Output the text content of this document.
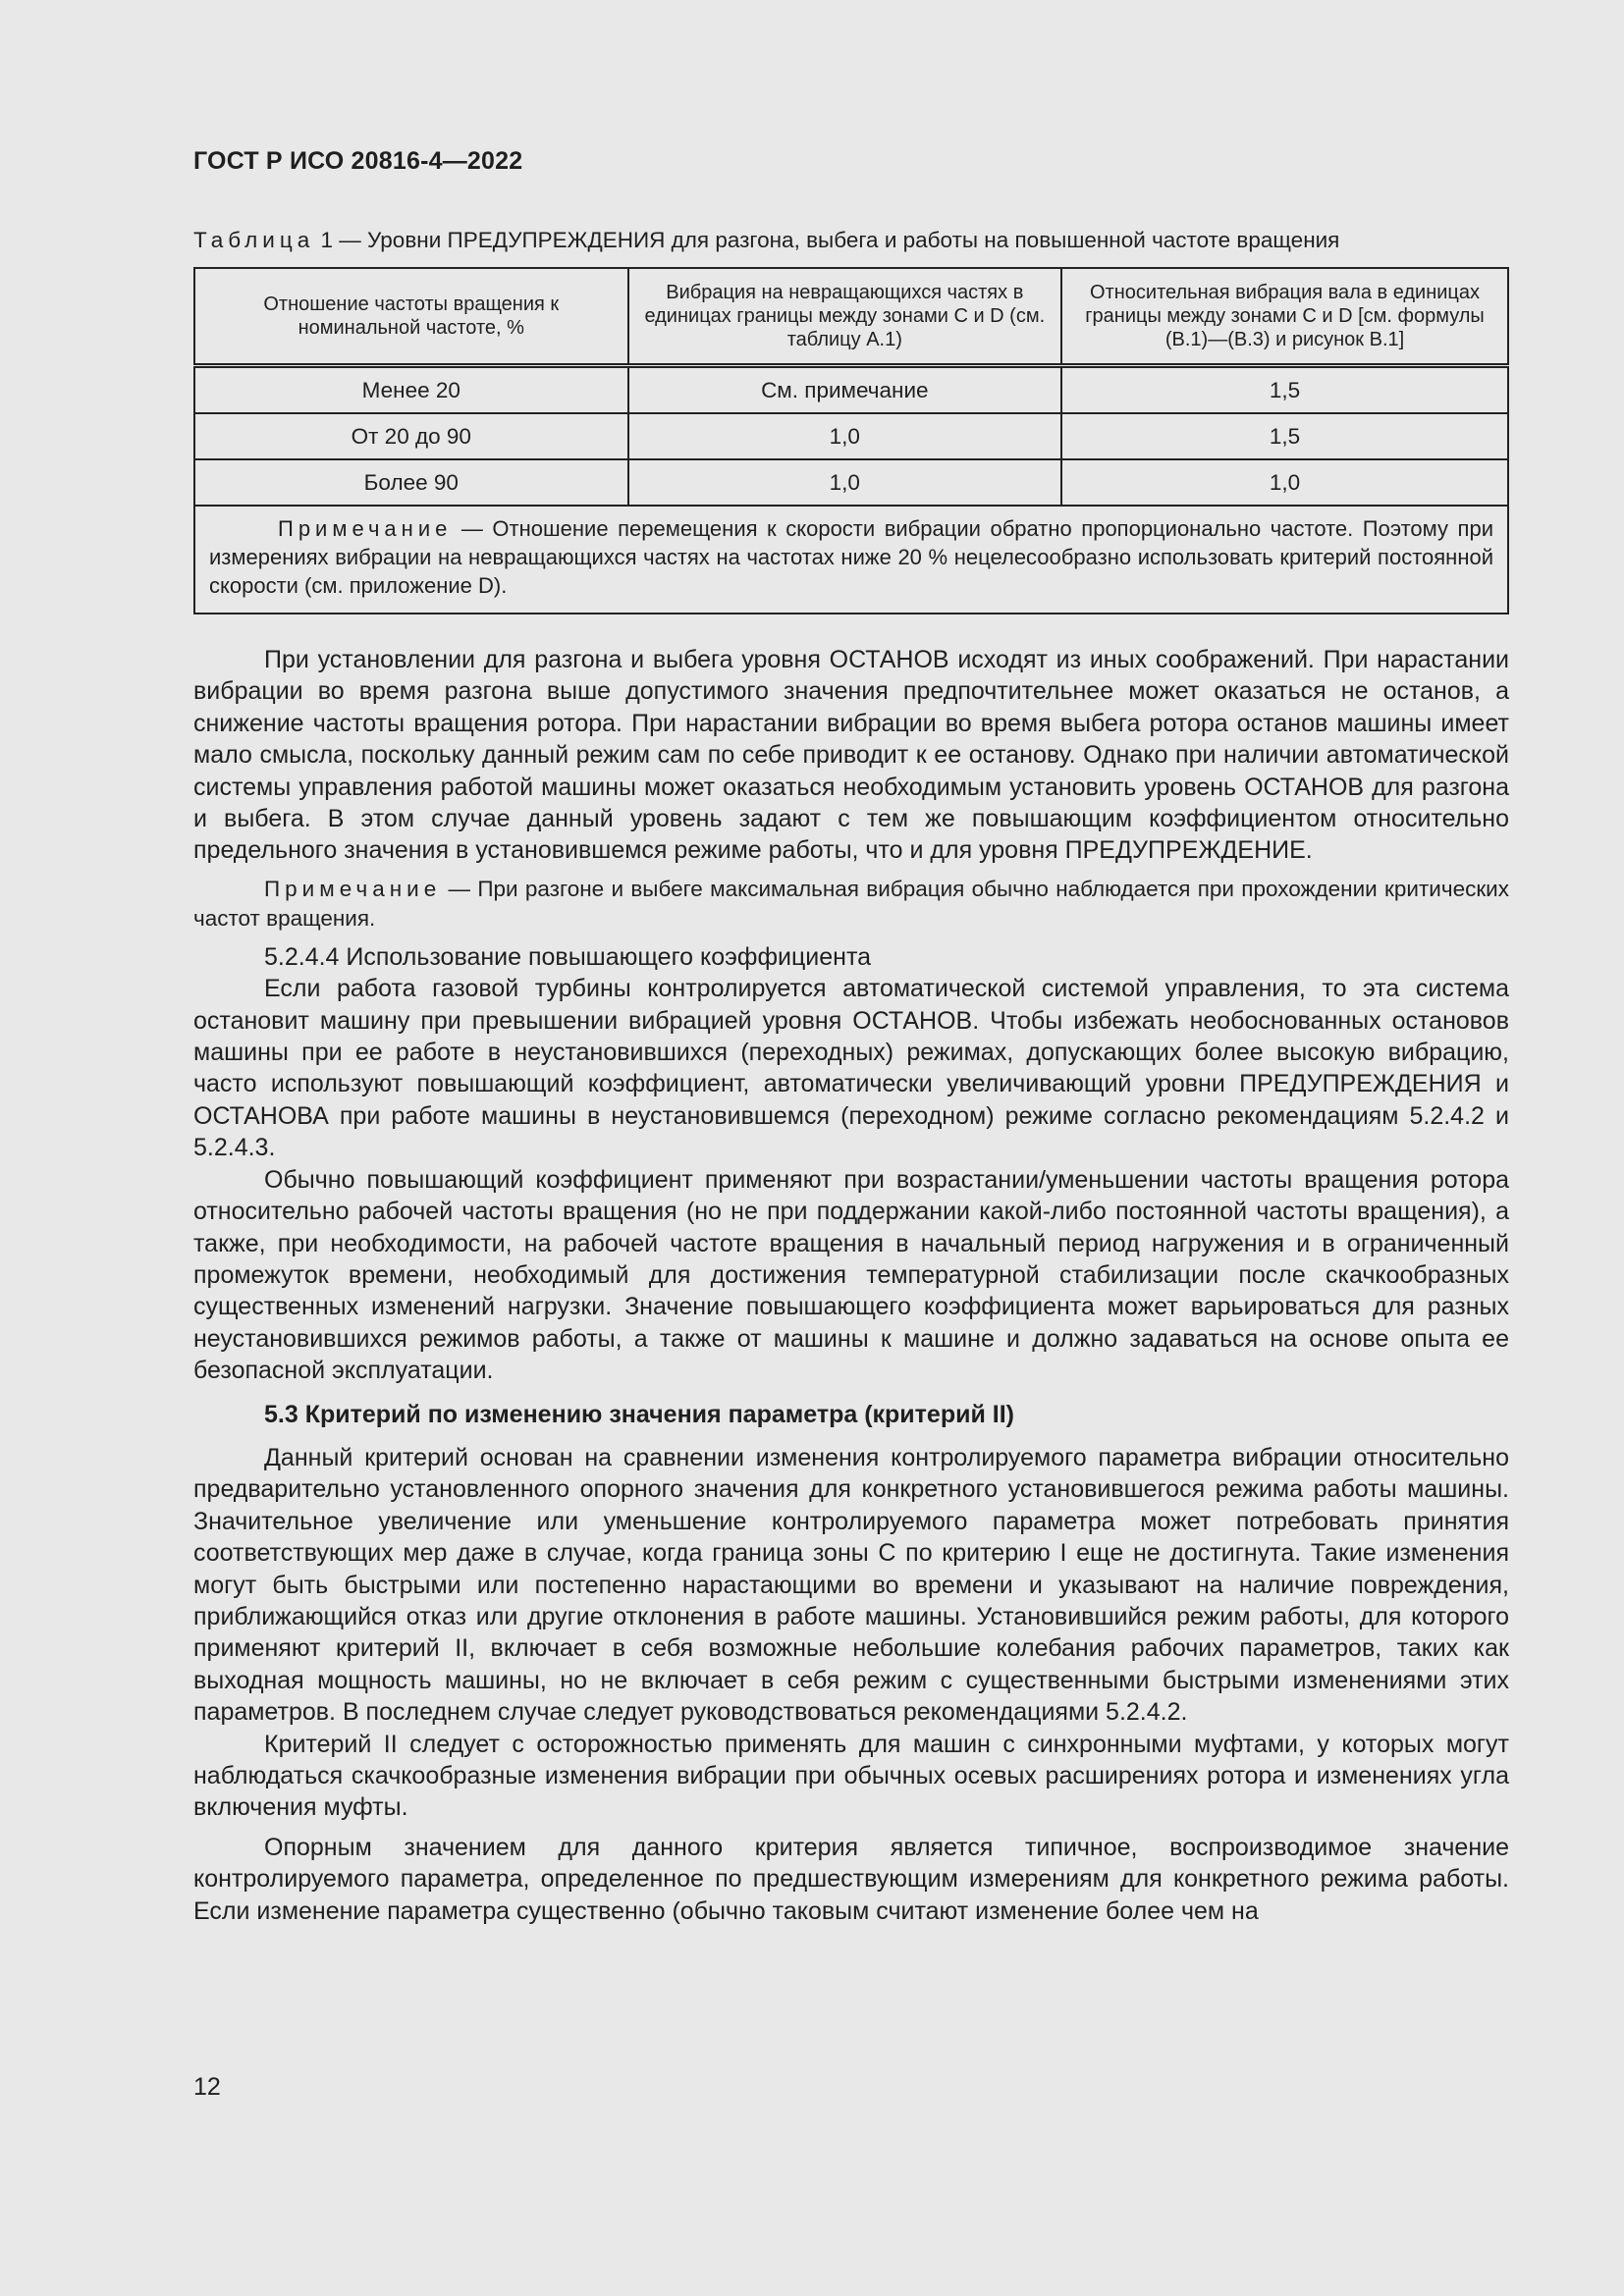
ГОСТ Р ИСО 20816-4—2022
Таблица 1 — Уровни ПРЕДУПРЕЖДЕНИЯ для разгона, выбега и работы на повышенной частоте вращения
Отношение частоты вращения к номинальной частоте, %	Вибрация на невращающихся частях в единицах границы между зонами C и D (см. таблицу А.1)	Относительная вибрация вала в единицах границы между зонами C и D [см. формулы (B.1)—(B.3) и рисунок B.1]
Менее 20	См. примечание	1,5
От 20 до 90	1,0	1,5
Более 90	1,0	1,0
Примечание — Отношение перемещения к скорости вибрации обратно пропорционально частоте. Поэтому при измерениях вибрации на невращающихся частях на частотах ниже 20 % нецелесообразно использовать критерий постоянной скорости (см. приложение D).		

При установлении для разгона и выбега уровня ОСТАНОВ исходят из иных соображений. При нарастании вибрации во время разгона выше допустимого значения предпочтительнее может оказаться не останов, а снижение частоты вращения ротора. При нарастании вибрации во время выбега ротора останов машины имеет мало смысла, поскольку данный режим сам по себе приводит к ее останову. Однако при наличии автоматической системы управления работой машины может оказаться необходимым установить уровень ОСТАНОВ для разгона и выбега. В этом случае данный уровень задают с тем же повышающим коэффициентом относительно предельного значения в установившемся режиме работы, что и для уровня ПРЕДУПРЕЖДЕНИЕ.

Примечание — При разгоне и выбеге максимальная вибрация обычно наблюдается при прохождении критических частот вращения.

5.2.4.4 Использование повышающего коэффициента

Если работа газовой турбины контролируется автоматической системой управления, то эта система остановит машину при превышении вибрацией уровня ОСТАНОВ. Чтобы избежать необоснованных остановов машины при ее работе в неустановившихся (переходных) режимах, допускающих более высокую вибрацию, часто используют повышающий коэффициент, автоматически увеличивающий уровни ПРЕДУПРЕЖДЕНИЯ и ОСТАНОВА при работе машины в неустановившемся (переходном) режиме согласно рекомендациям 5.2.4.2 и 5.2.4.3.

Обычно повышающий коэффициент применяют при возрастании/уменьшении частоты вращения ротора относительно рабочей частоты вращения (но не при поддержании какой-либо постоянной частоты вращения), а также, при необходимости, на рабочей частоте вращения в начальный период нагружения и в ограниченный промежуток времени, необходимый для достижения температурной стабилизации после скачкообразных существенных изменений нагрузки. Значение повышающего коэффициента может варьироваться для разных неустановившихся режимов работы, а также от машины к машине и должно задаваться на основе опыта ее безопасной эксплуатации.

5.3 Критерий по изменению значения параметра (критерий II)

Данный критерий основан на сравнении изменения контролируемого параметра вибрации относительно предварительно установленного опорного значения для конкретного установившегося режима работы машины. Значительное увеличение или уменьшение контролируемого параметра может потребовать принятия соответствующих мер даже в случае, когда граница зоны С по критерию I еще не достигнута. Такие изменения могут быть быстрыми или постепенно нарастающими во времени и указывают на наличие повреждения, приближающийся отказ или другие отклонения в работе машины. Установившийся режим работы, для которого применяют критерий II, включает в себя возможные небольшие колебания рабочих параметров, таких как выходная мощность машины, но не включает в себя режим с существенными быстрыми изменениями этих параметров. В последнем случае следует руководствоваться рекомендациями 5.2.4.2.

Критерий II следует с осторожностью применять для машин с синхронными муфтами, у которых могут наблюдаться скачкообразные изменения вибрации при обычных осевых расширениях ротора и изменениях угла включения муфты.

Опорным значением для данного критерия является типичное, воспроизводимое значение контролируемого параметра, определенное по предшествующим измерениям для конкретного режима работы. Если изменение параметра существенно (обычно таковым считают изменение более чем на

12
